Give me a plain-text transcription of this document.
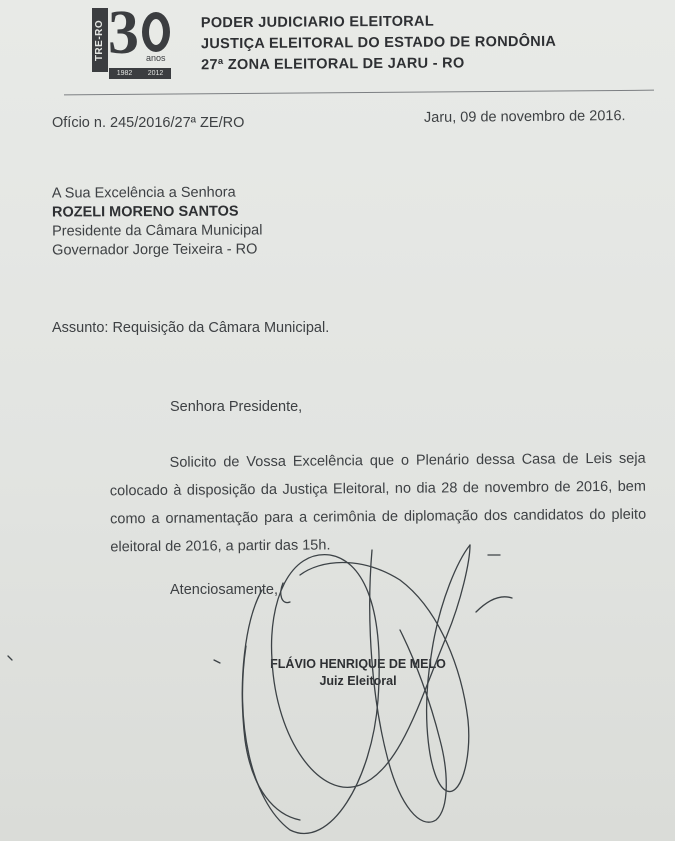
TRE-RO 3 anos
1982 2012
PODER JUDICIARIO ELEITORAL
JUSTIÇA ELEITORAL DO ESTADO DE RONDÔNIA
27ª ZONA ELEITORAL DE JARU - RO
Ofício n. 245/2016/27ª ZE/RO	Jaru, 09 de novembro de 2016.
A Sua Excelência a Senhora
ROZELI MORENO SANTOS
Presidente da Câmara Municipal
Governador Jorge Teixeira - RO
Assunto: Requisição da Câmara Municipal.
Senhora Presidente,
Solicito de Vossa Excelência que o Plenário dessa Casa de Leis seja colocado à disposição da Justiça Eleitoral, no dia 28 de novembro de 2016, bem como a ornamentação para a cerimônia de diplomação dos candidatos do pleito eleitoral de 2016, a partir das 15h.
Atenciosamente,
FLÁVIO HENRIQUE DE MELO
Juiz Eleitoral
